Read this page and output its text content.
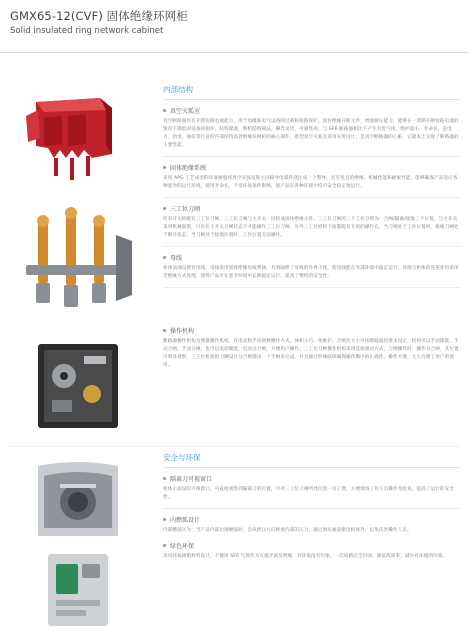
GMX65-12(CVF) 固体绝缘环网柜
Solid insulated ring network cabinet
内部结构
真空灭弧室
真空断路器具有开断短路电流能力，用于电缆和电气设备的过载和短路保护。固封绝缘开断元件，增强耐压能力，能够在一周期开断短路电流的情况下降低对设备的损坏，结构紧凑，整机结构简洁，操作灵活，可靠性高；与 SF6 断路器相比不产生有害气体，维护量小，寿命长，是电力、冶金、通信等行业的内部结构高效绝缘环网柜的核心部件，新型真空灭弧室采用先进设计，是真空断路器的心脏，它最本上实现了断路器的主要性能。
固体绝缘系统
采用 APG 工艺成型的环氧树脂将真空灭弧室和主回路导电部件浇注成一个整体，具有优良的绝缘、机械性能和耐候性能，能够确保产品适应各种恶劣的运行环境，使用寿命长，不受环境条件影响，使产品在各种环境中均可安全稳定地运行。
三工位刀闸
所有开关柜配有三工位刀闸，三工位刀闸与主开关一同构成固体绝缘元件。三工位刀闸的三个工位分别为：合闸/隔离/接地三个位置，与主开关采用机械联锁，只有在主开关分闸状态下才能操作三工位刀闸，另外三工位机构下面都配有专用的操作孔，当刀闸处于工作位置时，接地刀闸处于断开状态；当刀闸处于接地位置时，工作位置无法操作。
母线
柜体顶部设置有母线，母线采用固体绝缘母线系统，有效隔绝了母线的外界干扰，使母线能在外部环境中稳定运行，母线与柜体的连接处均采用全绝缘方式处理，使得产品可在恶劣环境中长期稳定运行，提高了整机的安全性。
操作机构
断路器操作机构为弹簧操作机构，有电动和手动两种操作方式，体积小巧，免维护，合闸功大小可按断路器的要求设定，机构可以手动储能，手动合闸，手动分闸；也可以电动储能，电动分合闸，方便用户操作。三工位刀闸操作机构采用直接驱动方式，刀闸操作时，操作分合闸，其位置可明显观察，三工位机构的刀闸设计分合闸都由一个手柄来完成，并且通过机械联锁确保操作顺序的正确性，操作方便，大大方便了用户的使用。
安全与环保
隔离刀可视窗口
柜体正面设有可视窗口，可直接观察到隔离刀的位置，可对三工位刀闸所处位置一目了然，方便现场工作人员操作及检查，提高了运行的安全性。
内燃弧设计
内部燃弧区为：当产品内部出现燃弧时，会从泄压方向释放内部的压力，通过泄压通道排出柜体外，以免伤害操作人员。
绿色环保
采用环氧树脂材料设计，不使用 SF6 气体作为灭弧介质及绝缘，对环境没有污染，一次回路完全封闭，降低故障率，减少对环境的污染。
